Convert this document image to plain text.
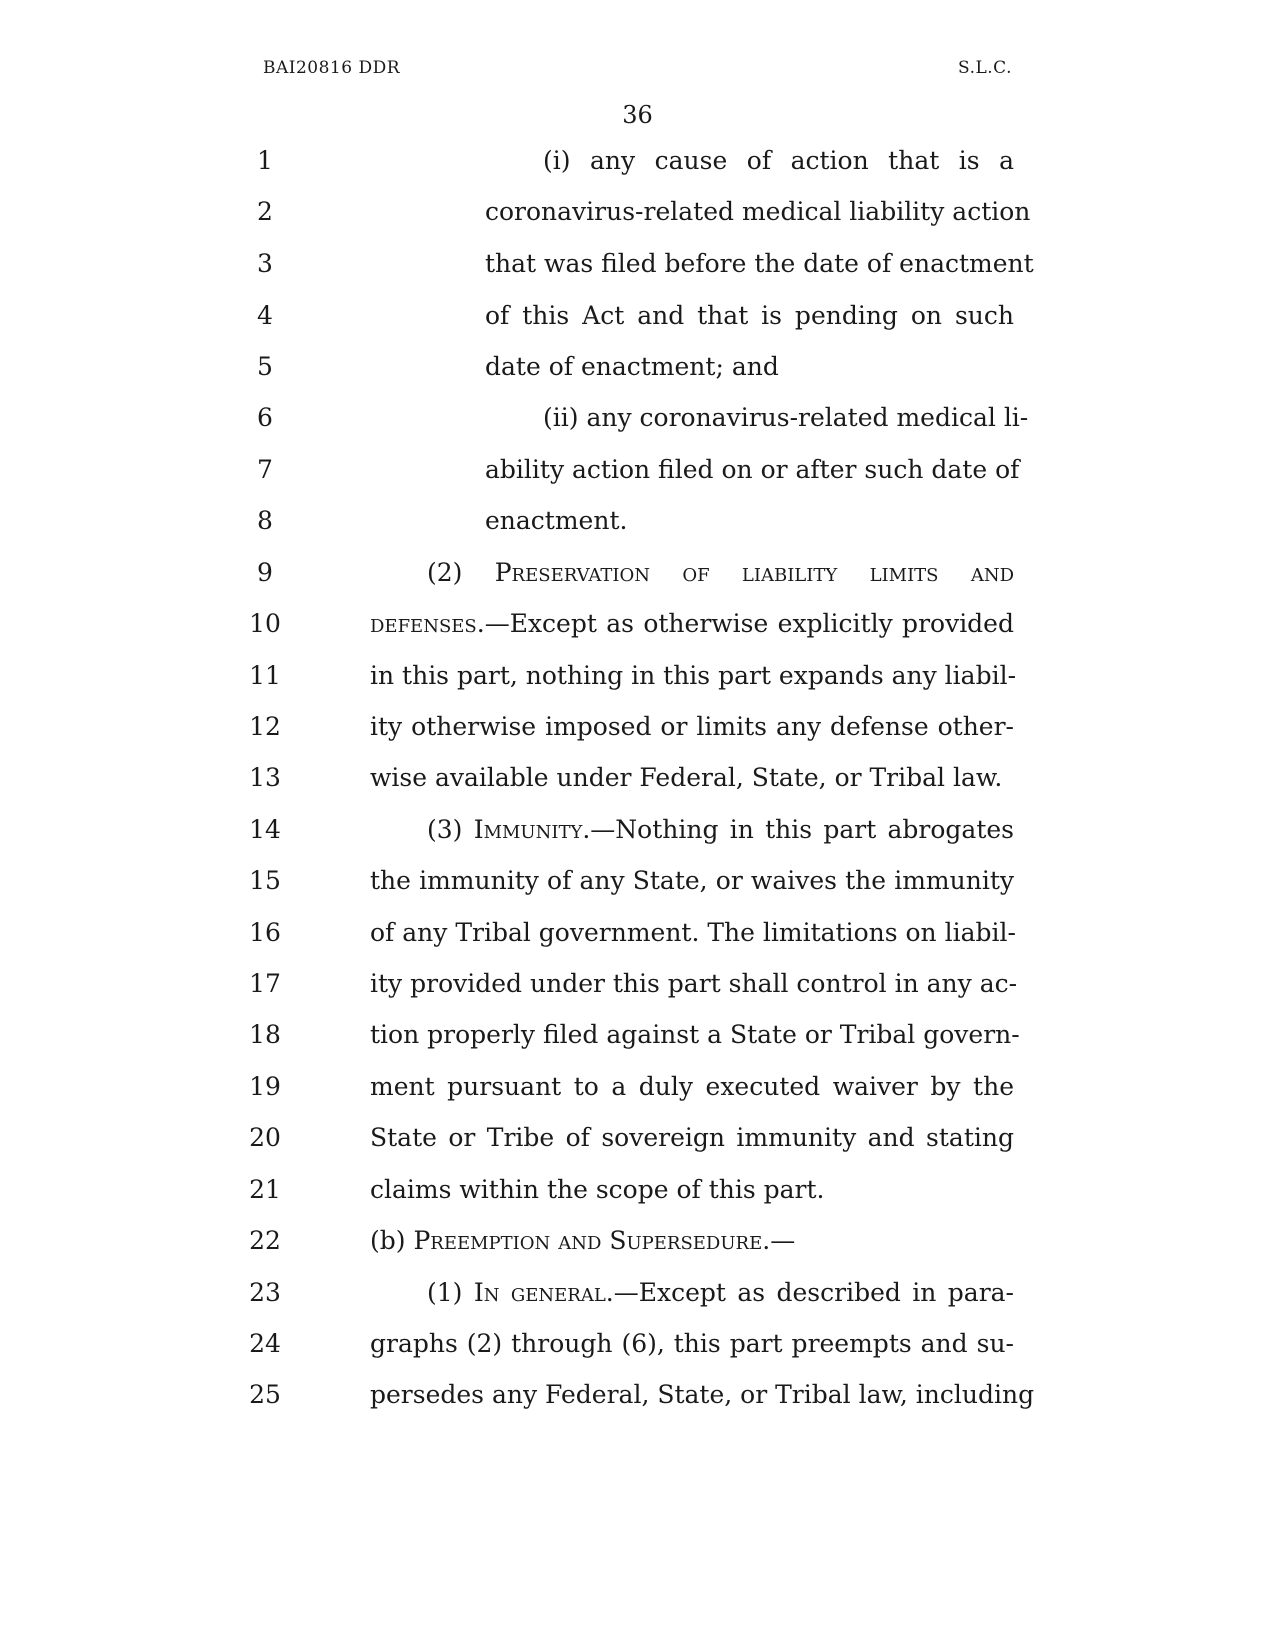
BAI20816 DDR	S.L.C.
36
1	(i) any cause of action that is a
2	coronavirus-related medical liability action
3	that was filed before the date of enactment
4	of this Act and that is pending on such
5	date of enactment; and
6	(ii) any coronavirus-related medical li-
7	ability action filed on or after such date of
8	enactment.
9	(2) Preservation of liability limits and
10	defenses.—Except as otherwise explicitly provided
11	in this part, nothing in this part expands any liabil-
12	ity otherwise imposed or limits any defense other-
13	wise available under Federal, State, or Tribal law.
14	(3) Immunity.—Nothing in this part abrogates
15	the immunity of any State, or waives the immunity
16	of any Tribal government. The limitations on liabil-
17	ity provided under this part shall control in any ac-
18	tion properly filed against a State or Tribal govern-
19	ment pursuant to a duly executed waiver by the
20	State or Tribe of sovereign immunity and stating
21	claims within the scope of this part.
22	(b) Preemption and Supersedure.—
23	(1) In general.—Except as described in para-
24	graphs (2) through (6), this part preempts and su-
25	persedes any Federal, State, or Tribal law, including
